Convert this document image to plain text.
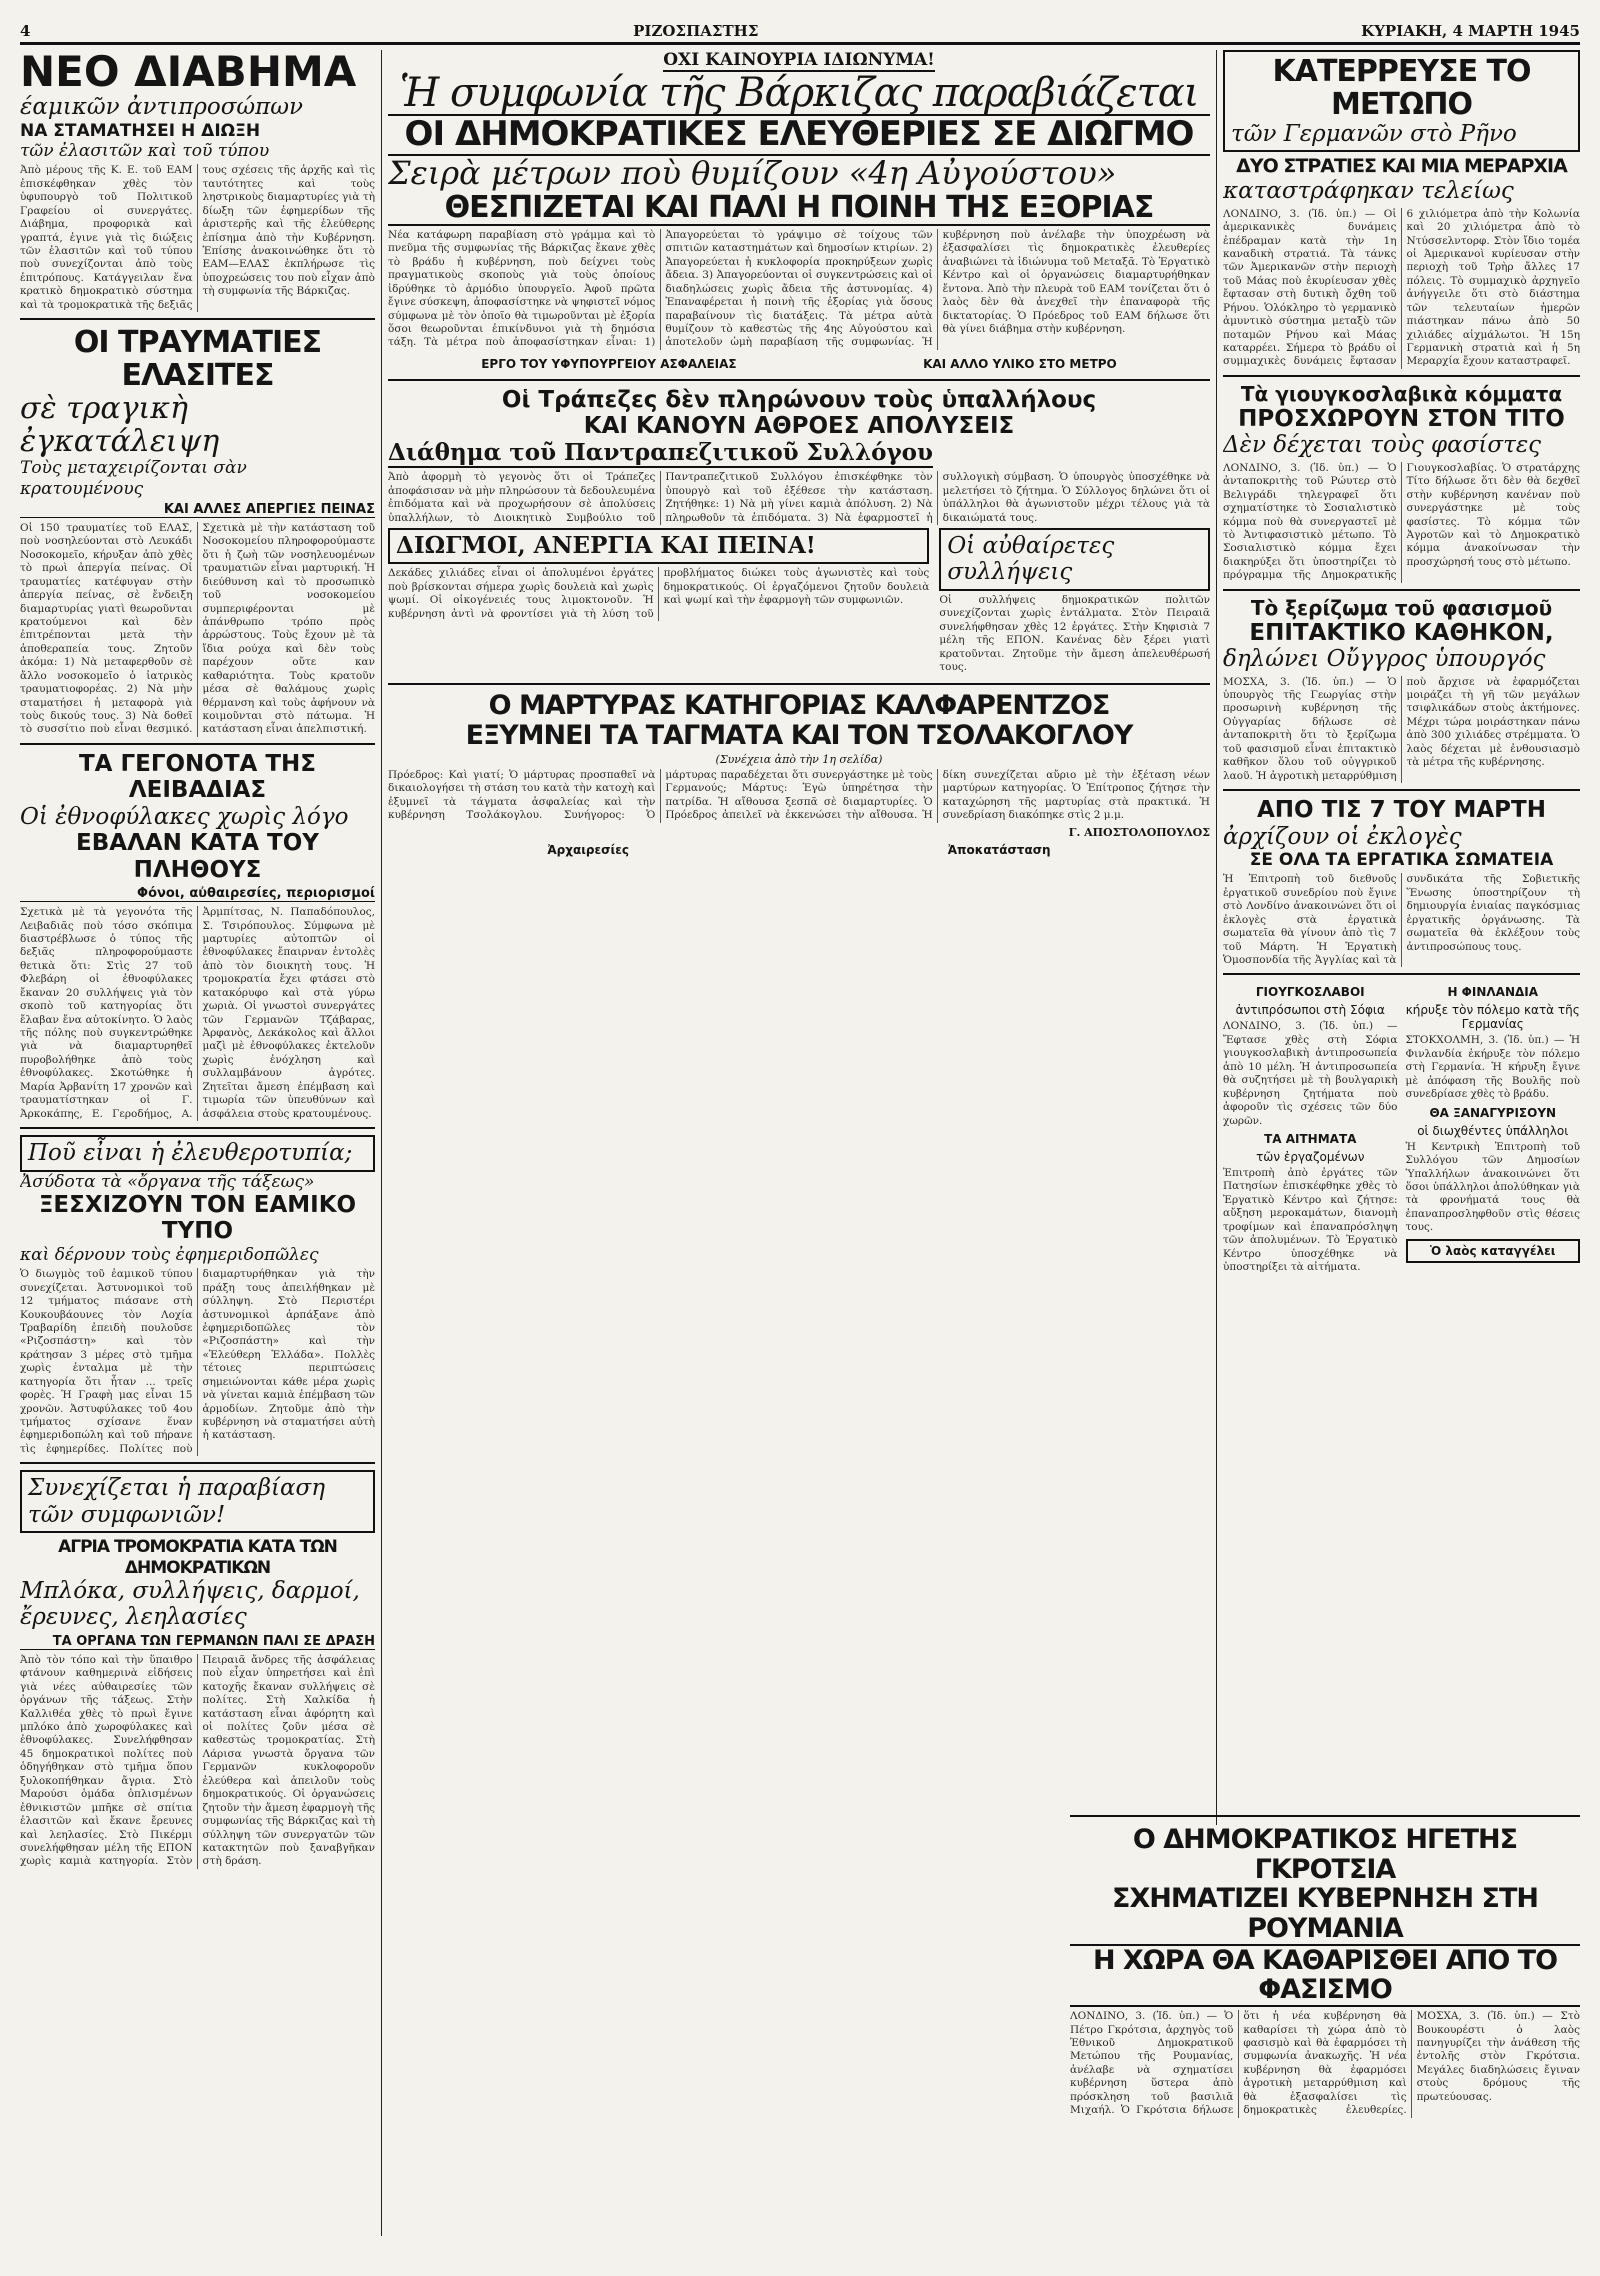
4	ΡΙΖΟΣΠΑΣΤΗΣ	ΚΥΡΙΑΚΗ, 4 ΜΑΡΤΗ 1945
ΝΕΟ ΔΙΑΒΗΜΑ
έαμικῶν ἀντιπροσώπων
ΝΑ ΣΤΑΜΑΤΗΣΕΙ Η ΔΙΩΞΗ
τῶν ἐλασιτῶν καὶ τοῦ τύπου

Ἀπὸ μέρους τῆς Κ. Ε. τοῦ ΕΑΜ ἐπισκέφθηκαν χθὲς τὸν ὑφυπουργὸ τοῦ Πολιτικοῦ Γραφείου οἱ συνεργάτες. Διάβημα, προφορικὰ καὶ γραπτά, ἐγινε γιὰ τὶς διώξεις τῶν ἐλασιτῶν καὶ τοῦ τύπου ποὺ συνεχίζονται ἀπὸ τοὺς ἐπιτρόπους. Κατάγγειλαν ἕνα κρατικὸ δημοκρατικὸ σύστημα καὶ τὰ τρομοκρατικὰ τῆς δεξιᾶς τους σχέσεις τῆς ἀρχῆς καὶ τὶς ταυτότητες καὶ τοὺς ληστρικοὺς διαμαρτυρίες γιὰ τὴ δίωξη τῶν ἐφημερίδων τῆς ἀριστερῆς καὶ τῆς ἐλεύθερης ἐπίσημα ἀπὸ τὴν Κυβέρνηση. Ἐπίσης ἀνακοινώθηκε ὅτι τὸ ΕΑΜ—ΕΛΑΣ ἐκπλήρωσε τὶς ὑποχρεώσεις του ποὺ εἶχαν ἀπὸ τὴ συμφωνία τῆς Βάρκιζας.

ΟΙ ΤΡΑΥΜΑΤΙΕΣ ΕΛΑΣΙΤΕΣ
σὲ τραγικὴ ἐγκατάλειψη
Τοὺς μεταχειρίζονται σὰν κρατουμένους
ΚΑΙ ΑΛΛΕΣ ΑΠΕΡΓΙΕΣ ΠΕΙΝΑΣ

Οἱ 150 τραυματίες τοῦ ΕΛΑΣ, ποὺ νοσηλεύονται στὸ Λευκάδι Νοσοκομεῖο, κήρυξαν ἀπὸ χθὲς τὸ πρωὶ ἀπεργία πείνας. Οἱ τραυματίες κατέφυγαν στὴν ἀπεργία πείνας, σὲ ἔνδειξη διαμαρτυρίας γιατὶ θεωροῦνται κρατούμενοι καὶ δὲν ἐπιτρέπονται μετὰ τὴν ἀποθεραπεία τους. Ζητοῦν ἀκόμα: 1) Νὰ μεταφερθοῦν σὲ ἄλλο νοσοκομεῖο ὁ ἰατρικὸς τραυματιοφορέας. 2) Νὰ μὴν σταματήσει ἡ μεταφορὰ γιὰ τοὺς δικούς τους. 3) Νὰ δοθεῖ τὸ συσσίτιο ποὺ εἶναι θεσμικό. Σχετικὰ μὲ τὴν κατάσταση τοῦ Νοσοκομείου πληροφορούμαστε ὅτι ἡ ζωὴ τῶν νοσηλευομένων τραυματιῶν εἶναι μαρτυρική. Ἡ διεύθυνση καὶ τὸ προσωπικὸ τοῦ νοσοκομείου συμπεριφέρονται μὲ ἀπάνθρωπο τρόπο πρὸς ἀρρώστους. Τοὺς ἔχουν μὲ τὰ ἴδια ρούχα καὶ δὲν τοὺς παρέχουν οὔτε καν καθαριότητα. Τοὺς κρατοῦν μέσα σὲ θαλάμους χωρὶς θέρμανση καὶ τοὺς ἀφήνουν νὰ κοιμοῦνται στὸ πάτωμα. Ἡ κατάσταση εἶναι ἀπελπιστική.

ΤΑ ΓΕΓΟΝΟΤΑ ΤΗΣ ΛΕΙΒΑΔΙΑΣ
Οἱ ἐθνοφύλακες χωρὶς λόγο
ΕΒΑΛΑΝ ΚΑΤΑ ΤΟΥ ΠΛΗΘΟΥΣ
Φόνοι, αὐθαιρεσίες, περιορισμοί

Σχετικὰ μὲ τὰ γεγονότα τῆς Λειβαδιᾶς ποὺ τόσο σκόπιμα διαστρέβλωσε ὁ τύπος τῆς δεξιᾶς πληροφορούμαστε θετικὰ ὅτι: Στὶς 27 τοῦ Φλεβάρη οἱ ἐθνοφύλακες ἔκαναν 20 συλλήψεις γιὰ τὸν σκοπὸ τοῦ κατηγορίας ὅτι ἔλαβαν ἔνα αὐτοκίνητο. Ὁ λαὸς τῆς πόλης ποὺ συγκεντρώθηκε γιὰ νὰ διαμαρτυρηθεῖ πυροβολήθηκε ἀπὸ τοὺς ἐθνοφύλακες. Σκοτώθηκε ἡ Μαρία Ἀρβανίτη 17 χρονῶν καὶ τραυματίστηκαν οἱ Γ. Ἀρκοκάπης, Ε. Γεροδήμος, Α. Ἀρμπίτσας, Ν. Παπαδόπουλος, Σ. Τσιρόπουλος. Σύμφωνα μὲ μαρτυρίες αὐτοπτῶν οἱ ἐθνοφύλακες ἔπαιρναν ἐντολὲς ἀπὸ τὸν διοικητὴ τους. Ἡ τρομοκρατία ἔχει φτάσει στὸ κατακόρυφο καὶ στὰ γύρω χωριὰ. Οἱ γνωστοὶ συνεργάτες τῶν Γερμανῶν Τζάβαρας, Ἀρφανὸς, Δεκάκολος καὶ ἄλλοι μαζὶ μὲ ἐθνοφύλακες ἐκτελοῦν χωρὶς ἐνόχληση καὶ συλλαμβάνουν ἀγρότες. Ζητεῖται ἄμεση ἐπέμβαση καὶ τιμωρία τῶν ὑπευθύνων καὶ ἀσφάλεια στοὺς κρατουμένους.

Ποῦ εἶναι ἡ ἐλευθεροτυπία;
Ἀσύδοτα τὰ «ὄργανα τῆς τάξεως»
ΞΕΣΧΙΖΟΥΝ ΤΟΝ ΕΑΜΙΚΟ ΤΥΠΟ
καὶ δέρνουν τοὺς ἐφημεριδοπῶλες

Ὁ διωγμὸς τοῦ ἐαμικοῦ τύπου συνεχίζεται. Ἀστυνομικοὶ τοῦ 12 τμήματος πιάσανε στὴ Κουκουβάουνες τὸν Λοχία Τραβαρίδη ἐπειδὴ πουλοῦσε «Ριζοσπάστη» καὶ τὸν κράτησαν 3 μέρες στὸ τμῆμα χωρὶς ἐνταλμα μὲ τὴν κατηγορία ὅτι ἦταν ... τρεῖς φορὲς. Ἡ Γραφὴ μας εἶναι 15 χρονῶν. Ἀστυφύλακες τοῦ 4ου τμήματος σχίσανε ἕναν ἐφημεριδοπώλη καὶ τοῦ πήρανε τὶς ἐφημερίδες. Πολίτες ποὺ διαμαρτυρήθηκαν γιὰ τὴν πράξη τους ἀπειλήθηκαν μὲ σύλληψη. Στὸ Περιστέρι ἀστυνομικοὶ ἀρπάξανε ἀπὸ ἐφημεριδοπῶλες τὸν «Ριζοσπάστη» καὶ τὴν «Ἐλεύθερη Ἑλλάδα». Πολλὲς τέτοιες περιπτώσεις σημειώνονται κάθε μέρα χωρὶς νὰ γίνεται καμιὰ ἐπέμβαση τῶν ἁρμοδίων. Ζητοῦμε ἀπὸ τὴν κυβέρνηση νὰ σταματήσει αὐτὴ ἡ κατάσταση.

Συνεχίζεται ἡ παραβίαση τῶν συμφωνιῶν!
ΑΓΡΙΑ ΤΡΟΜΟΚΡΑΤΙΑ ΚΑΤΑ ΤΩΝ ΔΗΜΟΚΡΑΤΙΚΩΝ
Μπλόκα, συλλήψεις, δαρμοί, ἔρευνες, λεηλασίες
ΤΑ ΟΡΓΑΝΑ ΤΩΝ ΓΕΡΜΑΝΩΝ ΠΑΛΙ ΣΕ ΔΡΑΣΗ

Ἀπὸ τὸν τόπο καὶ τὴν ὕπαιθρο φτάνουν καθημερινὰ εἰδήσεις γιὰ νέες αὐθαιρεσίες τῶν ὀργάνων τῆς τάξεως. Στὴν Καλλιθέα χθὲς τὸ πρωὶ ἔγινε μπλόκο ἀπὸ χωροφύλακες καὶ ἐθνοφύλακες. Συνελήφθησαν 45 δημοκρατικοὶ πολίτες ποὺ ὁδηγήθηκαν στὸ τμῆμα ὅπου ξυλοκοπήθηκαν ἄγρια. Στὸ Μαρούσι ὁμάδα ὁπλισμένων ἐθνικιστῶν μπῆκε σὲ σπίτια ἐλασιτῶν καὶ ἔκανε ἔρευνες καὶ λεηλασίες. Στὸ Πικέρμι συνελήφθησαν μέλη τῆς ΕΠΟΝ χωρὶς καμιὰ κατηγορία. Στὸν Πειραιᾶ ἄνδρες τῆς ἀσφάλειας ποὺ εἶχαν ὑπηρετήσει καὶ ἐπὶ κατοχῆς ἔκαναν συλλήψεις σὲ πολίτες. Στὴ Χαλκίδα ἡ κατάσταση εἶναι ἀφόρητη καὶ οἱ πολίτες ζοῦν μέσα σὲ καθεστὼς τρομοκρατίας. Στὴ Λάρισα γνωστὰ ὄργανα τῶν Γερμανῶν κυκλοφοροῦν ἐλεύθερα καὶ ἀπειλοῦν τοὺς δημοκρατικούς. Οἱ ὀργανώσεις ζητοῦν τὴν ἄμεση ἐφαρμογὴ τῆς συμφωνίας τῆς Βάρκιζας καὶ τὴ σύλληψη τῶν συνεργατῶν τῶν κατακτητῶν ποὺ ξαναβγῆκαν στὴ δράση.

ΟΧΙ ΚΑΙΝΟΥΡΙΑ ΙΔΙΩΝΥΜΑ!
Ἡ συμφωνία τῆς Βάρκιζας παραβιάζεται
ΟΙ ΔΗΜΟΚΡΑΤΙΚΕΣ ΕΛΕΥΘΕΡΙΕΣ ΣΕ ΔΙΩΓΜΟ
Σειρὰ μέτρων ποὺ θυμίζουν «4η Αὐγούστου»
ΘΕΣΠΙΖΕΤΑΙ ΚΑΙ ΠΑΛΙ Η ΠΟΙΝΗ ΤΗΣ ΕΞΟΡΙΑΣ

Νέα κατάφωρη παραβίαση στὸ γράμμα καὶ τὸ πνεῦμα τῆς συμφωνίας τῆς Βάρκιζας ἔκανε χθὲς τὸ βράδυ ἡ κυβέρνηση, ποὺ δείχνει τοὺς πραγματικοὺς σκοποὺς γιὰ τοὺς ὁποίους ἰδρύθηκε τὸ ἀρμόδιο ὑπουργεῖο. Ἀφοῦ πρῶτα ἔγινε σύσκεψη, ἀποφασίστηκε νὰ ψηφιστεῖ νόμος σύμφωνα μὲ τὸν ὁποῖο θὰ τιμωροῦνται μὲ ἐξορία ὅσοι θεωροῦνται ἐπικίνδυνοι γιὰ τὴ δημόσια τάξη. Τὰ μέτρα ποὺ ἀποφασίστηκαν εἶναι: 1) Ἀπαγορεύεται τὸ γράψιμο σὲ τοίχους τῶν σπιτιῶν καταστημάτων καὶ δημοσίων κτιρίων. 2) Ἀπαγορεύεται ἡ κυκλοφορία προκηρύξεων χωρὶς ἄδεια. 3) Ἀπαγορεύονται οἱ συγκεντρώσεις καὶ οἱ διαδηλώσεις χωρὶς ἄδεια τῆς ἀστυνομίας. 4) Ἐπαναφέρεται ἡ ποινὴ τῆς ἐξορίας γιὰ ὅσους παραβαίνουν τὶς διατάξεις. Τὰ μέτρα αὐτὰ θυμίζουν τὸ καθεστὼς τῆς 4ης Αὐγούστου καὶ ἀποτελοῦν ὠμὴ παραβίαση τῆς συμφωνίας. Ἡ κυβέρνηση ποὺ ἀνέλαβε τὴν ὑποχρέωση νὰ ἐξασφαλίσει τὶς δημοκρατικὲς ἐλευθερίες ἀναβιώνει τὰ ἰδιώνυμα τοῦ Μεταξᾶ. Τὸ Ἐργατικὸ Κέντρο καὶ οἱ ὀργανώσεις διαμαρτυρήθηκαν ἔντονα. Ἀπὸ τὴν πλευρὰ τοῦ ΕΑΜ τονίζεται ὅτι ὁ λαὸς δὲν θὰ ἀνεχθεῖ τὴν ἐπαναφορὰ τῆς δικτατορίας. Ὁ Πρόεδρος τοῦ ΕΑΜ δήλωσε ὅτι θὰ γίνει διάβημα στὴν κυβέρνηση.

ΕΡΓΟ ΤΟΥ ΥΦΥΠΟΥΡΓΕΙΟΥ ΑΣΦΑΛΕΙΑΣ	ΚΑΙ ΑΛΛΟ ΥΛΙΚΟ ΣΤΟ ΜΕΤΡΟ
Οἱ Τράπεζες δὲν πληρώνουν τοὺς ὑπαλλήλους
ΚΑΙ ΚΑΝΟΥΝ ΑΘΡΟΕΣ ΑΠΟΛΥΣΕΙΣ
Διάθημα τοῦ Παντραπεζιτικοῦ Συλλόγου

Ἀπὸ ἀφορμὴ τὸ γεγονὸς ὅτι οἱ Τράπεζες ἀποφάσισαν νὰ μὴν πληρώσουν τὰ δεδουλευμένα ἐπιδόματα καὶ νὰ προχωρήσουν σὲ ἀπολύσεις ὑπαλλήλων, τὸ Διοικητικὸ Συμβούλιο τοῦ Παντραπεζιτικοῦ Συλλόγου ἐπισκέφθηκε τὸν ὑπουργὸ καὶ τοῦ ἐξέθεσε τὴν κατάσταση. Ζητήθηκε: 1) Νὰ μὴ γίνει καμιὰ ἀπόλυση. 2) Νὰ πληρωθοῦν τὰ ἐπιδόματα. 3) Νὰ ἐφαρμοστεῖ ἡ συλλογικὴ σύμβαση. Ὁ ὑπουργὸς ὑποσχέθηκε νὰ μελετήσει τὸ ζήτημα. Ὁ Σύλλογος δηλώνει ὅτι οἱ ὑπάλληλοι θὰ ἀγωνιστοῦν μέχρι τέλους γιὰ τὰ δικαιώματά τους.

ΔΙΩΓΜΟΙ, ΑΝΕΡΓΙΑ ΚΑΙ ΠΕΙΝΑ!

Δεκάδες χιλιάδες εἶναι οἱ ἀπολυμένοι ἐργάτες ποὺ βρίσκονται σήμερα χωρὶς δουλειὰ καὶ χωρὶς ψωμί. Οἱ οἰκογένειές τους λιμοκτονοῦν. Ἡ κυβέρνηση ἀντὶ νὰ φροντίσει γιὰ τὴ λύση τοῦ προβλήματος διώκει τοὺς ἀγωνιστὲς καὶ τοὺς δημοκρατικούς. Οἱ ἐργαζόμενοι ζητοῦν δουλειὰ καὶ ψωμί καὶ τὴν ἐφαρμογὴ τῶν συμφωνιῶν.

Οἱ αὐθαίρετες συλλήψεις

Οἱ συλλήψεις δημοκρατικῶν πολιτῶν συνεχίζονται χωρὶς ἐντάλματα. Στὸν Πειραιᾶ συνελήφθησαν χθὲς 12 ἐργάτες. Στὴν Κηφισιὰ 7 μέλη τῆς ΕΠΟΝ. Κανένας δὲν ξέρει γιατὶ κρατοῦνται. Ζητοῦμε τὴν ἄμεση ἀπελευθέρωσή τους.

Ο ΜΑΡΤΥΡΑΣ ΚΑΤΗΓΟΡΙΑΣ ΚΑΛΦΑΡΕΝΤΖΟΣ
ΕΞΥΜΝΕΙ ΤΑ ΤΑΓΜΑΤΑ ΚΑΙ ΤΟΝ ΤΣΟΛΑΚΟΓΛΟΥ
(Συνέχεια ἀπὸ τὴν 1η σελίδα)

Πρόεδρος: Καὶ γιατί; Ὁ μάρτυρας προσπαθεῖ νὰ δικαιολογήσει τὴ στάση του κατὰ τὴν κατοχὴ καὶ ἐξυμνεῖ τὰ τάγματα ἀσφαλείας καὶ τὴν κυβέρνηση Τσολάκογλου. Συνήγορος: Ὁ μάρτυρας παραδέχεται ὅτι συνεργάστηκε μὲ τοὺς Γερμανούς; Μάρτυς: Ἐγὼ ὑπηρέτησα τὴν πατρίδα. Ἡ αἴθουσα ξεσπᾶ σὲ διαμαρτυρίες. Ὁ Πρόεδρος ἀπειλεῖ νὰ ἐκκενώσει τὴν αἴθουσα. Ἡ δίκη συνεχίζεται αὔριο μὲ τὴν ἐξέταση νέων μαρτύρων κατηγορίας. Ὁ Ἐπίτροπος ζήτησε τὴν καταχώρηση τῆς μαρτυρίας στὰ πρακτικά. Ἡ συνεδρίαση διακόπηκε στὶς 2 μ.μ.

Γ. ΑΠΟΣΤΟΛΟΠΟΥΛΟΣ
Ἀρχαιρεσίες	Ἀποκατάσταση
ΚΑΤΕΡΡΕΥΣΕ ΤΟ ΜΕΤΩΠΟ
τῶν Γερμανῶν στὸ Ρῆνο
ΔΥΟ ΣΤΡΑΤΙΕΣ ΚΑΙ ΜΙΑ ΜΕΡΑΡΧΙΑ
καταστράφηκαν τελείως

ΛΟΝΔΙΝΟ, 3. (Ἰδ. ὑπ.) — Οἱ ἀμερικανικὲς δυνάμεις ἐπέδραμαν κατὰ τὴν 1η καναδικὴ στρατιά. Τὰ τάνκς τῶν Ἀμερικανῶν στὴν περιοχὴ τοῦ Μάας ποὺ ἐκυρίευσαν χθὲς ἔφτασαν στὴ δυτικὴ ὄχθη τοῦ Ρήνου. Ὁλόκληρο τὸ γερμανικὸ ἀμυντικὸ σύστημα μεταξὺ τῶν ποταμῶν Ρήνου καὶ Μάας καταρρέει. Σήμερα τὸ βράδυ οἱ συμμαχικὲς δυνάμεις ἔφτασαν 6 χιλιόμετρα ἀπὸ τὴν Κολωνία καὶ 20 χιλιόμετρα ἀπὸ τὸ Ντύσσελντορφ. Στὸν ἴδιο τομέα οἱ Ἀμερικανοὶ κυρίευσαν στὴν περιοχὴ τοῦ Τρὴρ ἄλλες 17 πόλεις. Τὸ συμμαχικὸ ἀρχηγεῖο ἀνήγγειλε ὅτι στὸ διάστημα τῶν τελευταίων ἡμερῶν πιάστηκαν πάνω ἀπὸ 50 χιλιάδες αἰχμάλωτοι. Ἡ 15η Γερμανικὴ στρατιὰ καὶ ἡ 5η Μεραρχία ἔχουν καταστραφεῖ.

Τὰ γιουγκοσλαβικὰ κόμματα
ΠΡΟΣΧΩΡΟΥΝ ΣΤΟΝ ΤΙΤΟ
Δὲν δέχεται τοὺς φασίστες

ΛΟΝΔΙΝΟ, 3. (Ἰδ. ὑπ.) — Ὁ ἀνταποκριτὴς τοῦ Ρώυτερ στὸ Βελιγράδι τηλεγραφεῖ ὅτι σχηματίστηκε τὸ Σοσιαλιστικὸ κόμμα ποὺ θὰ συνεργαστεῖ μὲ τὸ Ἀντιφασιστικὸ μέτωπο. Τὸ Σοσιαλιστικὸ κόμμα ἔχει διακηρύξει ὅτι ὑποστηρίζει τὸ πρόγραμμα τῆς Δημοκρατικῆς Γιουγκοσλαβίας. Ὁ στρατάρχης Τίτο δήλωσε ὅτι δὲν θὰ δεχθεῖ στὴν κυβέρνηση κανέναν ποὺ συνεργάστηκε μὲ τοὺς φασίστες. Τὸ κόμμα τῶν Ἀγροτῶν καὶ τὸ Δημοκρατικὸ κόμμα ἀνακοίνωσαν τὴν προσχώρησή τους στὸ μέτωπο.

Τὸ ξερίζωμα τοῦ φασισμοῦ
ΕΠΙΤΑΚΤΙΚΟ ΚΑΘΗΚΟΝ,
δηλώνει Οὔγγρος ὑπουργός

ΜΟΣΧΑ, 3. (Ἰδ. ὑπ.) — Ὁ ὑπουργὸς τῆς Γεωργίας στὴν προσωρινὴ κυβέρνηση τῆς Οὐγγαρίας δήλωσε σὲ ἀνταποκριτὴ ὅτι τὸ ξερίζωμα τοῦ φασισμοῦ εἶναι ἐπιτακτικὸ καθῆκον ὅλου τοῦ οὐγγρικοῦ λαοῦ. Ἡ ἀγροτικὴ μεταρρύθμιση ποὺ ἄρχισε νὰ ἐφαρμόζεται μοιράζει τὴ γῆ τῶν μεγάλων τσιφλικάδων στοὺς ἀκτήμονες. Μέχρι τώρα μοιράστηκαν πάνω ἀπὸ 300 χιλιάδες στρέμματα. Ὁ λαὸς δέχεται μὲ ἐνθουσιασμὸ τὰ μέτρα τῆς κυβέρνησης.

ΑΠΟ ΤΙΣ 7 ΤΟΥ ΜΑΡΤΗ
ἀρχίζουν οἱ ἐκλογὲς
ΣΕ ΟΛΑ ΤΑ ΕΡΓΑΤΙΚΑ ΣΩΜΑΤΕΙΑ

Ἡ Ἐπιτροπὴ τοῦ διεθνοῦς ἐργατικοῦ συνεδρίου ποὺ ἔγινε στὸ Λονδίνο ἀνακοινώνει ὅτι οἱ ἐκλογὲς στὰ ἐργατικὰ σωματεῖα θὰ γίνουν ἀπὸ τὶς 7 τοῦ Μάρτη. Ἡ Ἐργατικὴ Ὁμοσπονδία τῆς Ἀγγλίας καὶ τὰ συνδικάτα τῆς Σοβιετικῆς Ἕνωσης ὑποστηρίζουν τὴ δημιουργία ἑνιαίας παγκόσμιας ἐργατικῆς ὀργάνωσης. Τὰ σωματεῖα θὰ ἐκλέξουν τοὺς ἀντιπροσώπους τους.

ΓΙΟΥΓΚΟΣΛΑΒΟΙ
ἀντιπρόσωποι στὴ Σόφια

ΛΟΝΔΙΝΟ, 3. (Ἰδ. ὑπ.) — Ἔφτασε χθὲς στὴ Σόφια γιουγκοσλαβικὴ ἀντιπροσωπεία ἀπὸ 10 μέλη. Ἡ ἀντιπροσωπεία θὰ συζητήσει μὲ τὴ βουλγαρικὴ κυβέρνηση ζητήματα ποὺ ἀφοροῦν τὶς σχέσεις τῶν δύο χωρῶν.

ΤΑ ΑΙΤΗΜΑΤΑ
τῶν ἐργαζομένων

Ἐπιτροπὴ ἀπὸ ἐργάτες τῶν Πατησίων ἐπισκέφθηκε χθὲς τὸ Ἐργατικὸ Κέντρο καὶ ζήτησε: αὔξηση μεροκαμάτων, διανομὴ τροφίμων καὶ ἐπαναπρόσληψη τῶν ἀπολυμένων. Τὸ Ἐργατικὸ Κέντρο ὑποσχέθηκε νὰ ὑποστηρίξει τὰ αἰτήματα.

Η ΦΙΝΛΑΝΔΙΑ
κήρυξε τὸν πόλεμο κατὰ τῆς Γερμανίας

ΣΤΟΚΧΟΛΜΗ, 3. (Ἰδ. ὑπ.) — Ἡ Φινλανδία ἐκήρυξε τὸν πόλεμο στὴ Γερμανία. Ἡ κήρυξη ἔγινε μὲ ἀπόφαση τῆς Βουλῆς ποὺ συνεδρίασε χθὲς τὸ βράδυ.

ΘΑ ΞΑΝΑΓΥΡΙΣΟΥΝ
οἱ διωχθέντες ὑπάλληλοι

Ἡ Κεντρικὴ Ἐπιτροπὴ τοῦ Συλλόγου τῶν Δημοσίων Ὑπαλλήλων ἀνακοινώνει ὅτι ὅσοι ὑπάλληλοι ἀπολύθηκαν γιὰ τὰ φρονήματά τους θὰ ἐπαναπροσληφθοῦν στὶς θέσεις τους.

Ὁ λαὸς καταγγέλει
Ο ΔΗΜΟΚΡΑΤΙΚΟΣ ΗΓΕΤΗΣ ΓΚΡΟΤΣΙΑ
ΣΧΗΜΑΤΙΖΕΙ ΚΥΒΕΡΝΗΣΗ ΣΤΗ ΡΟΥΜΑΝΙΑ
Η ΧΩΡΑ ΘΑ ΚΑΘΑΡΙΣΘΕΙ ΑΠΟ ΤΟ ΦΑΣΙΣΜΟ

ΛΟΝΔΙΝΟ, 3. (Ἰδ. ὑπ.) — Ὁ Πέτρο Γκρότσια, ἀρχηγὸς τοῦ Ἐθνικοῦ Δημοκρατικοῦ Μετώπου τῆς Ρουμανίας, ἀνέλαβε νὰ σχηματίσει κυβέρνηση ὕστερα ἀπὸ πρόσκληση τοῦ βασιλιᾶ Μιχαήλ. Ὁ Γκρότσια δήλωσε ὅτι ἡ νέα κυβέρνηση θὰ καθαρίσει τὴ χώρα ἀπὸ τὸ φασισμὸ καὶ θὰ ἐφαρμόσει τὴ συμφωνία ἀνακωχῆς. Ἡ νέα κυβέρνηση θὰ ἐφαρμόσει ἀγροτικὴ μεταρρύθμιση καὶ θὰ ἐξασφαλίσει τὶς δημοκρατικὲς ἐλευθερίες. ΜΟΣΧΑ, 3. (Ἰδ. ὑπ.) — Στὸ Βουκουρέστι ὁ λαὸς πανηγυρίζει τὴν ἀνάθεση τῆς ἐντολῆς στὸν Γκρότσια. Μεγάλες διαδηλώσεις ἔγιναν στοὺς δρόμους τῆς πρωτεύουσας.
